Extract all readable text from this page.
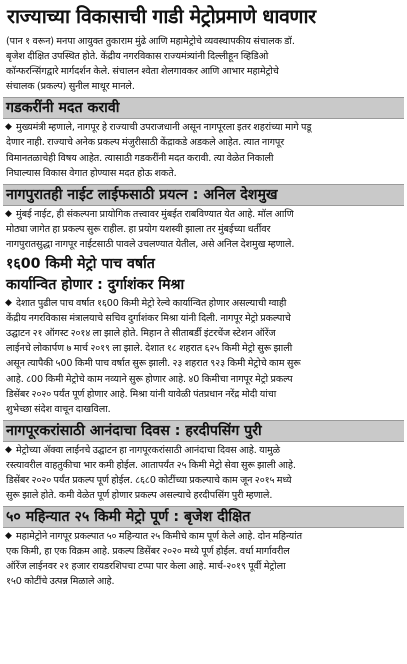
राज्याच्या विकासाची गाडी मेट्रोप्रमाणे धावणार
(पान १ वरून) मनपा आयुक्त तुकाराम मुंढे आणि महामेट्रोचे व्यवस्थापकीय संचालक डॉ.
बृजेश दीक्षित उपस्थित होते. केंद्रीय नगरविकास राज्यमंत्र्यांनी दिल्लीहून व्हिडिओ
कॉन्फरन्सिंगद्वारे मार्गदर्शन केले. संचालन श्वेता शेलगावकर आणि आभार महामेट्रोचे
संचालक (प्रकल्प) सुनील माथूर मानले.
गडकरींनी मदत करावी
◆ मुख्यमंत्री म्हणाले, नागपूर हे राज्याची उपराजधानी असून नागपूरला इतर शहरांच्या मागे पडू
देणार नाही. राज्याचे अनेक प्रकल्प मंजुरीसाठी केंद्राकडे अडकले आहेत. त्यात नागपूर
विमानतळाचेही विषय आहेत. त्यासाठी गडकरींनी मदत करावी. त्या वेळेत निकाली
निघाल्यास विकास वेगात होण्यास मदत होऊ शकते.
नागपुरातही नाईट लाईफसाठी प्रयत्न : अनिल देशमुख
◆ मुंबई नाईट, ही संकल्पना प्रायोगिक तत्त्वावर मुंबईत राबविण्यात येत आहे. मॉल आणि
मोठ्या जागेत हा प्रकल्प सुरू राहील. हा प्रयोग यशस्वी झाला तर मुंबईच्या धर्तीवर
नागपुरातसुद्धा नागपूर नाईटसाठी पावले उचलण्यात येतील, असे अनिल देशमुख म्हणाले.
१६00 किमी मेट्रो पाच वर्षात
कार्यान्वित होणार : दुर्गाशंकर मिश्रा
◆ देशात पुढील पाच वर्षात १६00 किमी मेट्रो रेल्वे कार्यान्वित होणार असल्याची ग्वाही
केंद्रीय नगरविकास मंत्रालयाचे सचिव दुर्गाशंकर मिश्रा यांनी दिली. नागपूर मेट्रो प्रकल्पाचे
उद्घाटन २१ ऑगस्ट २०१४ ला झाले होते. मिहान ते सीताबर्डी इंटरचेंज स्टेशन ऑरेंज
लाईनचे लोकार्पण ७ मार्च २०१९ ला झाले. देशात १८ शहरात ६२५ किमी मेट्रो सुरू झाली
असून त्यापैकी ५00 किमी पाच वर्षात सुरू झाली. २३ शहरात ९२३ किमी मेट्रोचे काम सुरू
आहे. ८00 किमी मेट्रोचे काम नव्याने सुरू होणार आहे. ४0 किमीचा नागपूर मेट्रो प्रकल्प
डिसेंबर २०२० पर्यंत पूर्ण होणार आहे. मिश्रा यांनी यावेळी पंतप्रधान नरेंद्र मोदी यांचा
शुभेच्छा संदेश वाचून दाखविला.
नागपूरकरांसाठी आनंदाचा दिवस : हरदीपसिंग पुरी
◆ मेट्रोच्या ॲक्वा लाईनचे उद्घाटन हा नागपूरकरांसाठी आनंदाचा दिवस आहे. यामुळे
रस्त्यावरील वाहतुकीचा भार कमी होईल. आतापर्यंत २५ किमी मेट्रो सेवा सुरू झाली आहे.
डिसेंबर २०२० पर्यंत प्रकल्प पूर्ण होईल. ८६८0 कोटींच्या प्रकल्पाचे काम जून २०१५ मध्ये
सुरू झाले होते. कमी वेळेत पूर्ण होणार प्रकल्प असल्याचे हरदीपसिंग पुरी म्हणाले.
५० महिन्यात २५ किमी मेट्रो पूर्ण : बृजेश दीक्षित
◆ महामेट्रोने नागपूर प्रकल्पात ५० महिन्यात २५ किमीचे काम पूर्ण केले आहे. दोन महिन्यांत
एक किमी, हा एक विक्रम आहे. प्रकल्प डिसेंबर २०२० मध्ये पूर्ण होईल. वर्धा मार्गावरील
ऑरेंज लाईनवर २१ हजार रायडरशिपचा टप्पा पार केला आहे. मार्च-२०१९ पूर्वी मेट्रोला
१५0 कोटींचे उत्पन्न मिळाले आहे.
